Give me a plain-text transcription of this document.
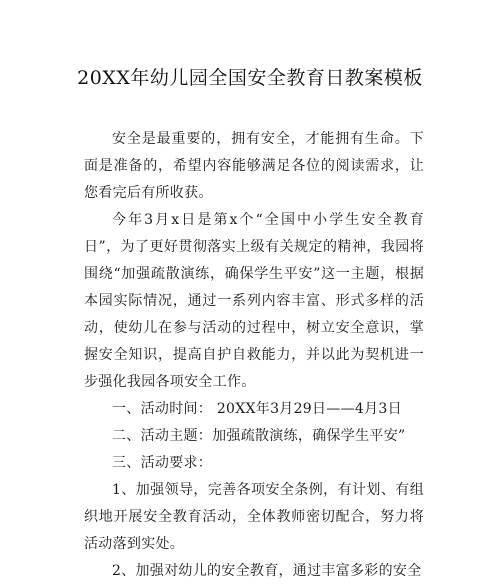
20XX年幼儿园全国安全教育日教案模板

安全是最重要的，拥有安全，才能拥有生命。下面是准备的，希望内容能够满足各位的阅读需求，让您看完后有所收获。

今年3月x日是第x个“全国中小学生安全教育日”，为了更好贯彻落实上级有关规定的精神，我园将围绕“加强疏散演练，确保学生平安”这一主题，根据本园实际情况，通过一系列内容丰富、形式多样的活动，使幼儿在参与活动的过程中，树立安全意识，掌握安全知识，提高自护自救能力，并以此为契机进一步强化我园各项安全工作。

一、活动时间： 20XX年3月29日——4月3日

二、活动主题：加强疏散演练，确保学生平安”

三、活动要求：

1、加强领导，完善各项安全条例，有计划、有组织地开展安全教育活动，全体教师密切配合，努力将活动落到实处。

2、加强对幼儿的安全教育，通过丰富多彩的安全
